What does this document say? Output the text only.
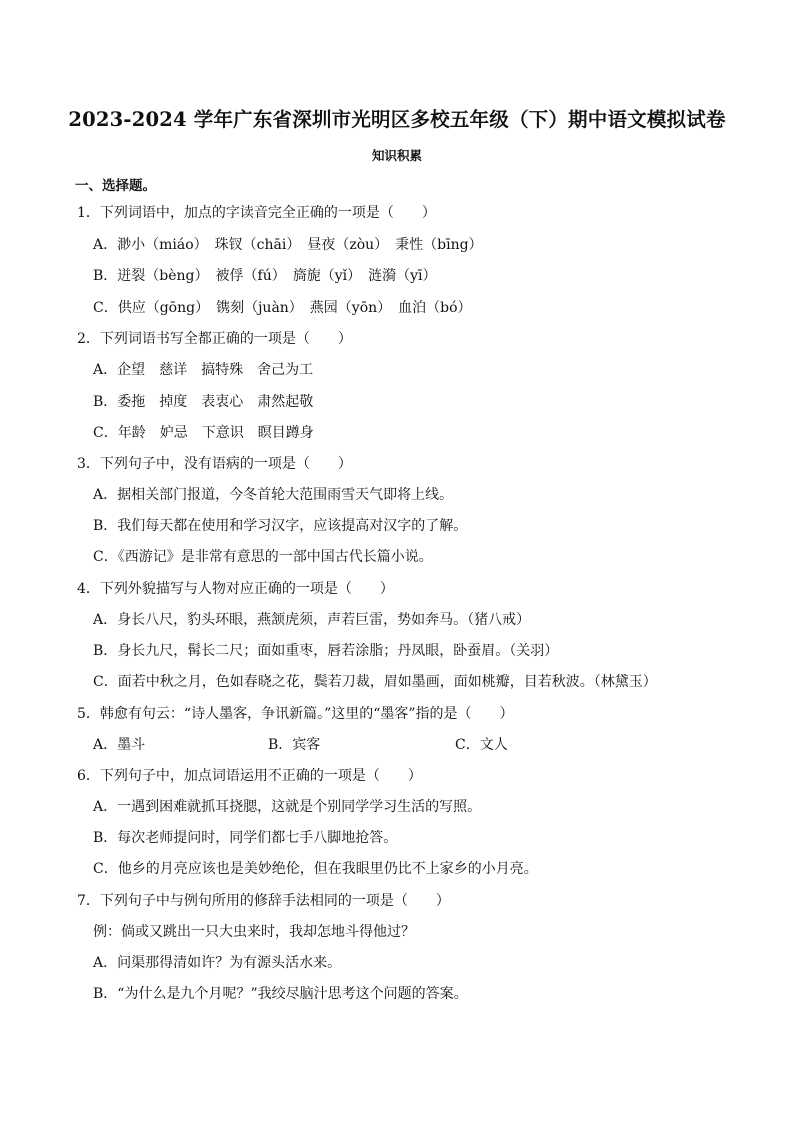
2023-2024 学年广东省深圳市光明区多校五年级（下）期中语文模拟试卷
知识积累
一、选择题。
1．下列词语中，加点的字读音完全正确的一项是（　　）
A．渺小（miáo）　珠钗（chāi）　昼夜（zòu）　秉性（bīng）
B．迸裂（bèng）　被俘（fú）　旖旎（yǐ）　涟漪（yī）
C．供应（gōng）　镌刻（juàn）　燕园（yōn）　血泊（bó）
2．下列词语书写全都正确的一项是（　　）
A．企望　慈详　搞特殊　舍己为工
B．委拖　掉度　表衷心　肃然起敬
C．年龄　妒忌　下意识　瞑目蹲身
3．下列句子中，没有语病的一项是（　　）
A．据相关部门报道，今冬首轮大范围雨雪天气即将上线。
B．我们每天都在使用和学习汉字，应该提高对汉字的了解。
C．《西游记》是非常有意思的一部中国古代长篇小说。
4．下列外貌描写与人物对应正确的一项是（　　）
A．身长八尺，豹头环眼，燕颔虎须，声若巨雷，势如奔马。（猪八戒）
B．身长九尺，髯长二尺；面如重枣，唇若涂脂；丹凤眼，卧蚕眉。（关羽）
C．面若中秋之月，色如春晓之花，鬓若刀裁，眉如墨画，面如桃瓣，目若秋波。（林黛玉）
5．韩愈有句云：“诗人墨客，争讯新篇。”这里的“墨客”指的是（　　）
A．墨斗	B．宾客	C．文人
6．下列句子中，加点词语运用不正确的一项是（　　）
A．一遇到困难就抓耳挠腮，这就是个别同学学习生活的写照。
B．每次老师提问时，同学们都七手八脚地抢答。
C．他乡的月亮应该也是美妙绝伦，但在我眼里仍比不上家乡的小月亮。
7．下列句子中与例句所用的修辞手法相同的一项是（　　）
例：倘或又跳出一只大虫来时，我却怎地斗得他过？
A．问渠那得清如许？为有源头活水来。
B．“为什么是九个月呢？”我绞尽脑汁思考这个问题的答案。
